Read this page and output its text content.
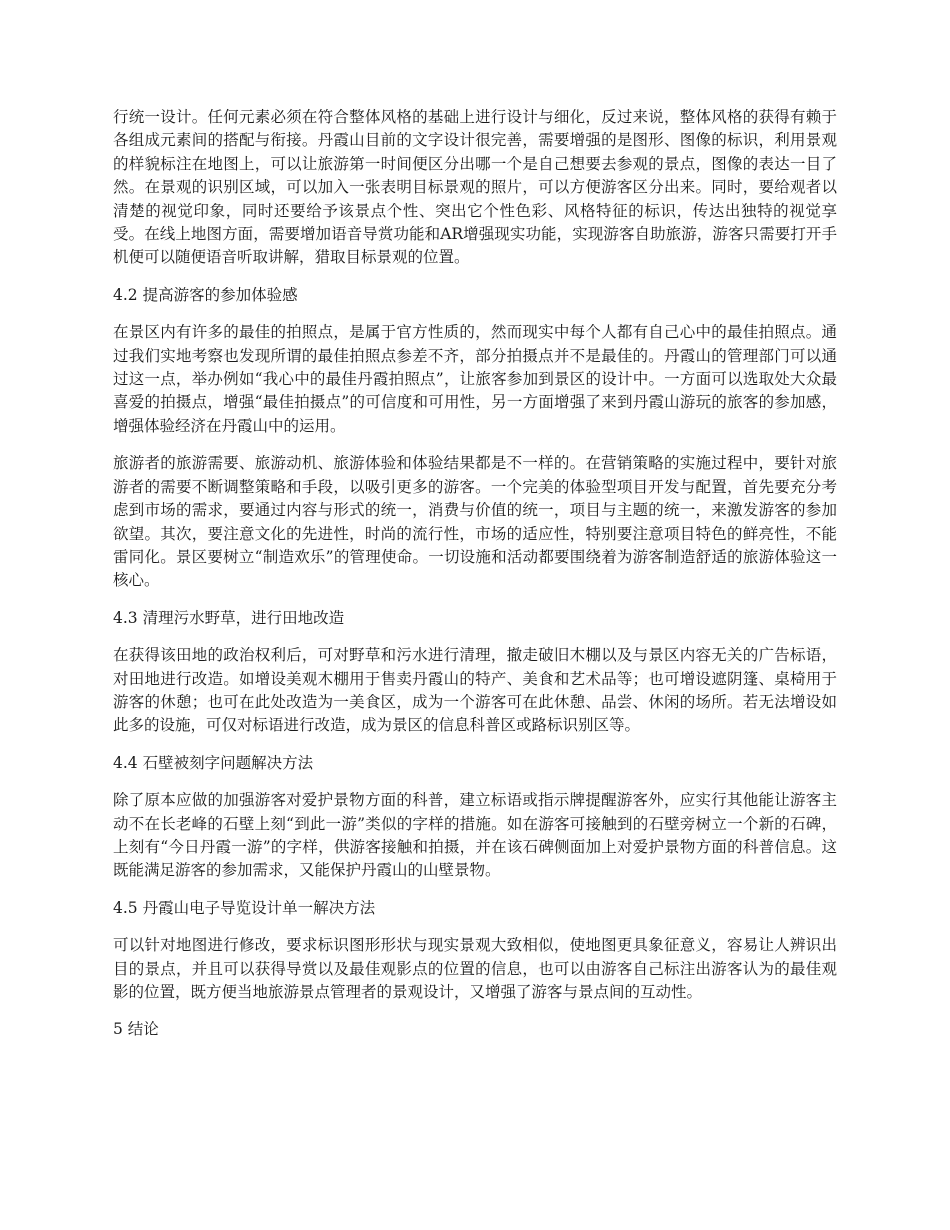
行统一设计。任何元素必须在符合整体风格的基础上进行设计与细化，反过来说，整体风格的获得有赖于各组成元素间的搭配与衔接。丹霞山目前的文字设计很完善，需要增强的是图形、图像的标识，利用景观的样貌标注在地图上，可以让旅游第一时间便区分出哪一个是自己想要去参观的景点，图像的表达一目了然。在景观的识别区域，可以加入一张表明目标景观的照片，可以方便游客区分出来。同时，要给观者以清楚的视觉印象，同时还要给予该景点个性、突出它个性色彩、风格特征的标识，传达出独特的视觉享受。在线上地图方面，需要增加语音导赏功能和AR增强现实功能，实现游客自助旅游，游客只需要打开手机便可以随便语音听取讲解，猎取目标景观的位置。

4.2 提高游客的参加体验感

在景区内有许多的最佳的拍照点，是属于官方性质的，然而现实中每个人都有自己心中的最佳拍照点。通过我们实地考察也发现所谓的最佳拍照点参差不齐，部分拍摄点并不是最佳的。丹霞山的管理部门可以通过这一点，举办例如“我心中的最佳丹霞拍照点”，让旅客参加到景区的设计中。一方面可以选取处大众最喜爱的拍摄点，增强“最佳拍摄点”的可信度和可用性，另一方面增强了来到丹霞山游玩的旅客的参加感，增强体验经济在丹霞山中的运用。

旅游者的旅游需要、旅游动机、旅游体验和体验结果都是不一样的。在营销策略的实施过程中，要针对旅游者的需要不断调整策略和手段，以吸引更多的游客。一个完美的体验型项目开发与配置，首先要充分考虑到市场的需求，要通过内容与形式的统一，消费与价值的统一，项目与主题的统一，来激发游客的参加欲望。其次，要注意文化的先进性，时尚的流行性，市场的适应性，特别要注意项目特色的鲜亮性，不能雷同化。景区要树立“制造欢乐”的管理使命。一切设施和活动都要围绕着为游客制造舒适的旅游体验这一核心。

4.3 清理污水野草，进行田地改造

在获得该田地的政治权利后，可对野草和污水进行清理，撤走破旧木棚以及与景区内容无关的广告标语，对田地进行改造。如增设美观木棚用于售卖丹霞山的特产、美食和艺术品等；也可增设遮阴篷、桌椅用于游客的休憩；也可在此处改造为一美食区，成为一个游客可在此休憩、品尝、休闲的场所。若无法增设如此多的设施，可仅对标语进行改造，成为景区的信息科普区或路标识别区等。

4.4 石壁被刻字问题解决方法

除了原本应做的加强游客对爱护景物方面的科普，建立标语或指示牌提醒游客外，应实行其他能让游客主动不在长老峰的石壁上刻“到此一游”类似的字样的措施。如在游客可接触到的石壁旁树立一个新的石碑，上刻有“今日丹霞一游”的字样，供游客接触和拍摄，并在该石碑侧面加上对爱护景物方面的科普信息。这既能满足游客的参加需求，又能保护丹霞山的山壁景物。

4.5 丹霞山电子导览设计单一解决方法

可以针对地图进行修改，要求标识图形形状与现实景观大致相似，使地图更具象征意义，容易让人辨识出目的景点，并且可以获得导赏以及最佳观影点的位置的信息，也可以由游客自己标注出游客认为的最佳观影的位置，既方便当地旅游景点管理者的景观设计，又增强了游客与景点间的互动性。

5 结论
